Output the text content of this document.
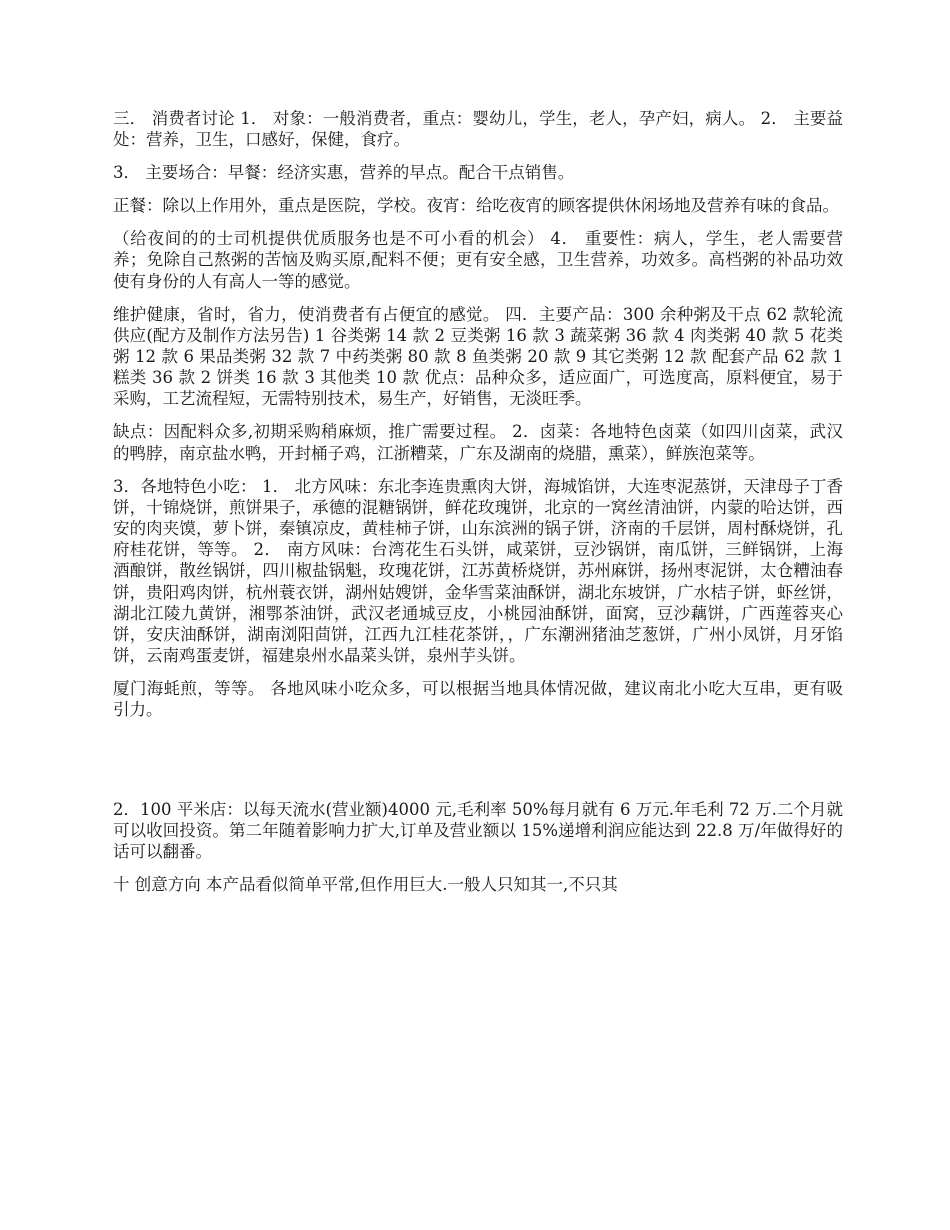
三． 消费者讨论 1． 对象：一般消费者，重点：婴幼儿，学生，老人，孕产妇，病人。 2． 主要益处：营养，卫生，口感好，保健，食疗。

3． 主要场合：早餐：经济实惠，营养的早点。配合干点销售。

正餐：除以上作用外，重点是医院，学校。夜宵：给吃夜宵的顾客提供休闲场地及营养有味的食品。

（给夜间的的士司机提供优质服务也是不可小看的机会） 4． 重要性：病人，学生，老人需要营养；免除自己熬粥的苦恼及购买原,配料不便；更有安全感，卫生营养，功效多。高档粥的补品功效使有身份的人有高人一等的感觉。

维护健康，省时，省力，使消费者有占便宜的感觉。 四．主要产品：300 余种粥及干点 62 款轮流供应(配方及制作方法另告) 1 谷类粥 14 款 2 豆类粥 16 款 3 蔬菜粥 36 款 4 肉类粥 40 款 5 花类粥 12 款 6 果品类粥 32 款 7 中药类粥 80 款 8 鱼类粥 20 款 9 其它类粥 12 款 配套产品 62 款 1 糕类 36 款 2 饼类 16 款 3 其他类 10 款 优点：品种众多，适应面广，可选度高，原料便宜，易于采购，工艺流程短，无需特别技术，易生产，好销售，无淡旺季。

缺点：因配料众多,初期采购稍麻烦，推广需要过程。 2．卤菜：各地特色卤菜（如四川卤菜，武汉的鸭脖，南京盐水鸭，开封桶子鸡，江浙糟菜，广东及湖南的烧腊，熏菜），鲜族泡菜等。

3．各地特色小吃： 1． 北方风味：东北李连贵熏肉大饼，海城馅饼，大连枣泥蒸饼，天津母子丁香饼，十锦烧饼，煎饼果子，承德的混糖锅饼，鲜花玫瑰饼，北京的一窝丝清油饼，内蒙的哈达饼，西安的肉夹馍，萝卜饼，秦镇凉皮，黄桂柿子饼，山东滨洲的锅子饼，济南的千层饼，周村酥烧饼，孔府桂花饼，等等。 2． 南方风味：台湾花生石头饼，咸菜饼，豆沙锅饼，南瓜饼，三鲜锅饼，上海酒酿饼，散丝锅饼，四川椒盐锅魁，玫瑰花饼，江苏黄桥烧饼，苏州麻饼，扬州枣泥饼，太仓糟油春饼，贵阳鸡肉饼，杭州蓑衣饼，湖州姑嫂饼，金华雪菜油酥饼，湖北东坡饼，广水桔子饼，虾丝饼，湖北江陵九黄饼，湘鄂茶油饼，武汉老通城豆皮，小桃园油酥饼，面窝，豆沙藕饼，广西莲蓉夹心饼，安庆油酥饼，湖南浏阳茴饼，江西九江桂花茶饼，，广东潮洲猪油芝葱饼，广州小凤饼，月牙馅饼，云南鸡蛋麦饼，福建泉州水晶菜头饼，泉州芋头饼。

厦门海蚝煎，等等。 各地风味小吃众多，可以根据当地具体情况做，建议南北小吃大互串，更有吸引力。

2．100 平米店：以每天流水(营业额)4000 元,毛利率 50%每月就有 6 万元.年毛利 72 万.二个月就可以收回投资。第二年随着影响力扩大,订单及营业额以 15%递增利润应能达到 22.8 万/年做得好的话可以翻番。

十 创意方向 本产品看似简单平常,但作用巨大.一般人只知其一,不只其
